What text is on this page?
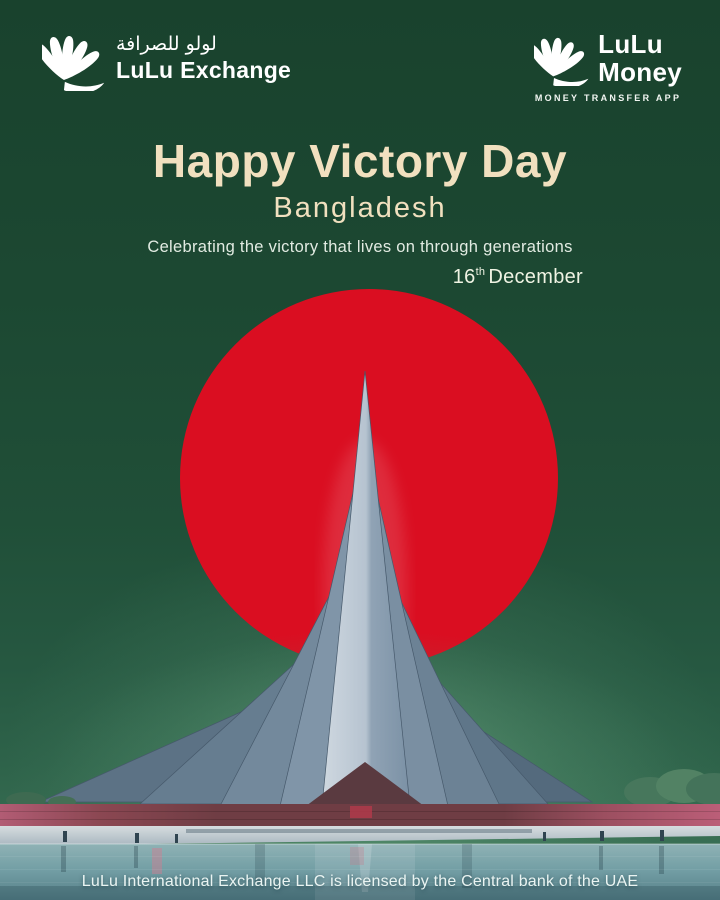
لولو للصرافة
LuLu Exchange
LuLu
Money
MONEY TRANSFER APP
Happy Victory Day
Bangladesh
Celebrating the victory that lives on through generations
16th December
LuLu International Exchange LLC is licensed by the Central bank of the UAE
